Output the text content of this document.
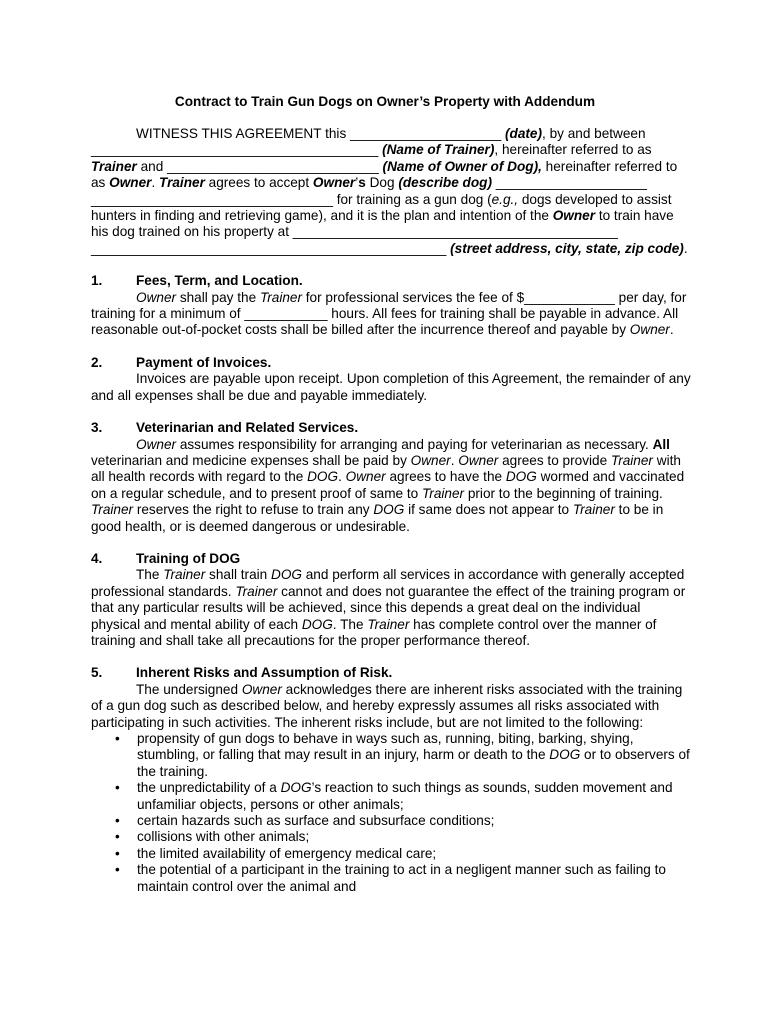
Contract to Train Gun Dogs on Owner’s Property with Addendum

WITNESS THIS AGREEMENT this ____________________ (date), by and between ______________________________________ (Name of Trainer), hereinafter referred to as Trainer and ____________________________ (Name of Owner of Dog), hereinafter referred to as Owner. Trainer agrees to accept Owner’s Dog (describe dog) ____________________ ________________________________ for training as a gun dog (e.g., dogs developed to assist hunters in finding and retrieving game), and it is the plan and intention of the Owner to train have his dog trained on his property at ___________________________________________ _______________________________________________ (street address, city, state, zip code).

1.	Fees, Term, and Location.

Owner shall pay the Trainer for professional services the fee of $____________ per day, for training for a minimum of ___________ hours. All fees for training shall be payable in advance. All reasonable out-of-pocket costs shall be billed after the incurrence thereof and payable by Owner.

2.	Payment of Invoices.

Invoices are payable upon receipt. Upon completion of this Agreement, the remainder of any and all expenses shall be due and payable immediately.

3.	Veterinarian and Related Services.

Owner assumes responsibility for arranging and paying for veterinarian as necessary. All veterinarian and medicine expenses shall be paid by Owner. Owner agrees to provide Trainer with all health records with regard to the DOG. Owner agrees to have the DOG wormed and vaccinated on a regular schedule, and to present proof of same to Trainer prior to the beginning of training. Trainer reserves the right to refuse to train any DOG if same does not appear to Trainer to be in good health, or is deemed dangerous or undesirable.

4.	Training of DOG

The Trainer shall train DOG and perform all services in accordance with generally accepted professional standards. Trainer cannot and does not guarantee the effect of the training program or that any particular results will be achieved, since this depends a great deal on the individual physical and mental ability of each DOG. The Trainer has complete control over the manner of training and shall take all precautions for the proper performance thereof.

5.	Inherent Risks and Assumption of Risk.

The undersigned Owner acknowledges there are inherent risks associated with the training of a gun dog such as described below, and hereby expressly assumes all risks associated with participating in such activities. The inherent risks include, but are not limited to the following:

• propensity of gun dogs to behave in ways such as, running, biting, barking, shying, stumbling, or falling that may result in an injury, harm or death to the DOG or to observers of the training.
• the unpredictability of a DOG’s reaction to such things as sounds, sudden movement and unfamiliar objects, persons or other animals;
• certain hazards such as surface and subsurface conditions;
• collisions with other animals;
• the limited availability of emergency medical care;
• the potential of a participant in the training to act in a negligent manner such as failing to maintain control over the animal and
